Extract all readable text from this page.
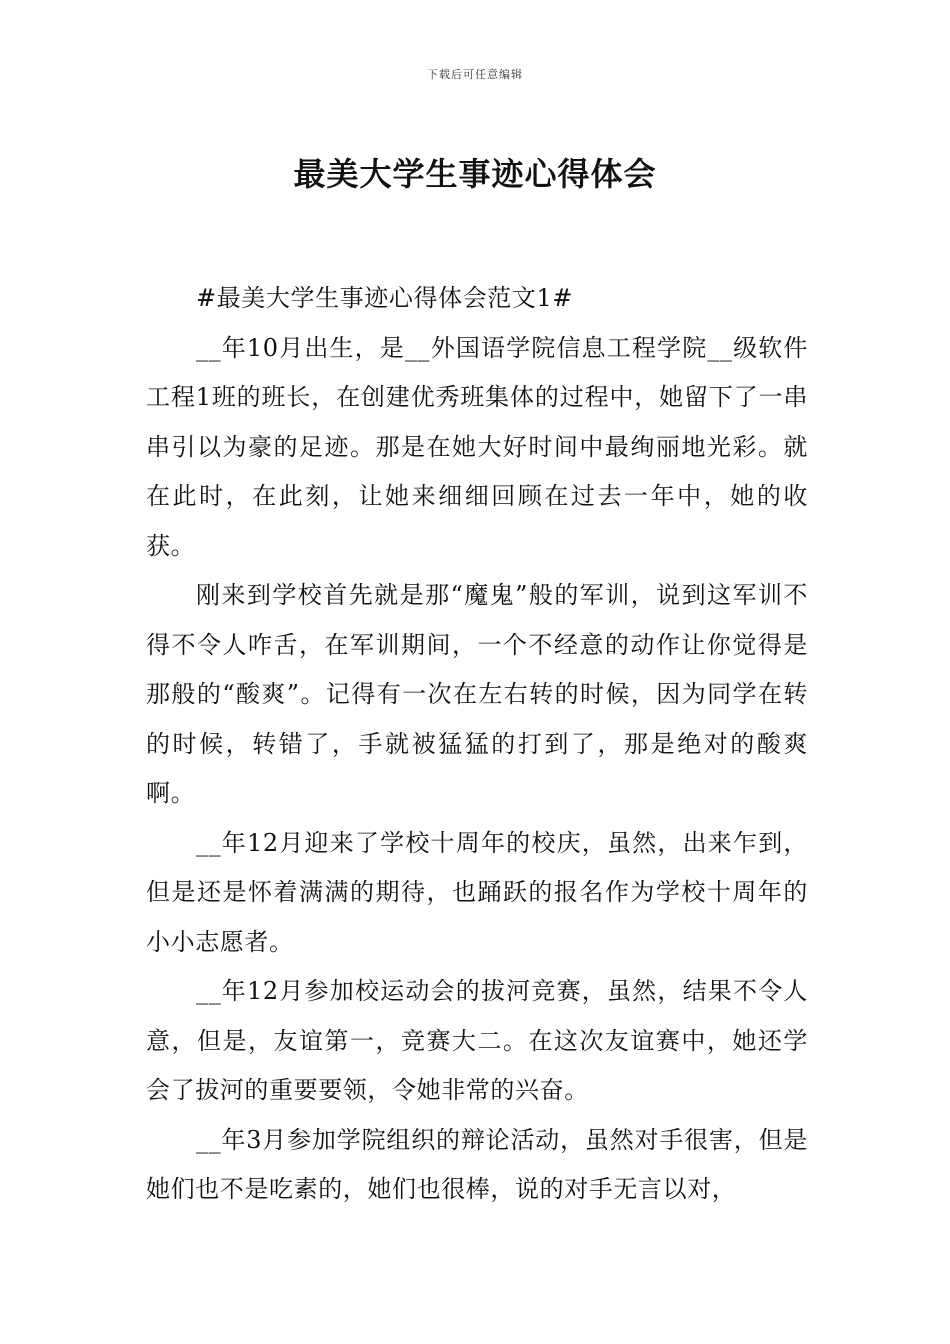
下载后可任意编辑
最美大学生事迹心得体会

#最美大学生事迹心得体会范文1#

__年10月出生，是__外国语学院信息工程学院__级软件工程1班的班长，在创建优秀班集体的过程中，她留下了一串串引以为豪的足迹。那是在她大好时间中最绚丽地光彩。就在此时，在此刻，让她来细细回顾在过去一年中，她的收获。

刚来到学校首先就是那“魔鬼”般的军训，说到这军训不得不令人咋舌，在军训期间，一个不经意的动作让你觉得是那般的“酸爽”。记得有一次在左右转的时候，因为同学在转的时候，转错了，手就被猛猛的打到了，那是绝对的酸爽啊。

__年12月迎来了学校十周年的校庆，虽然，出来乍到，但是还是怀着满满的期待，也踊跃的报名作为学校十周年的小小志愿者。

__年12月参加校运动会的拔河竞赛，虽然，结果不令人意，但是，友谊第一，竞赛大二。在这次友谊赛中，她还学会了拔河的重要要领，令她非常的兴奋。

__年3月参加学院组织的辩论活动，虽然对手很害，但是她们也不是吃素的，她们也很棒，说的对手无言以对，
